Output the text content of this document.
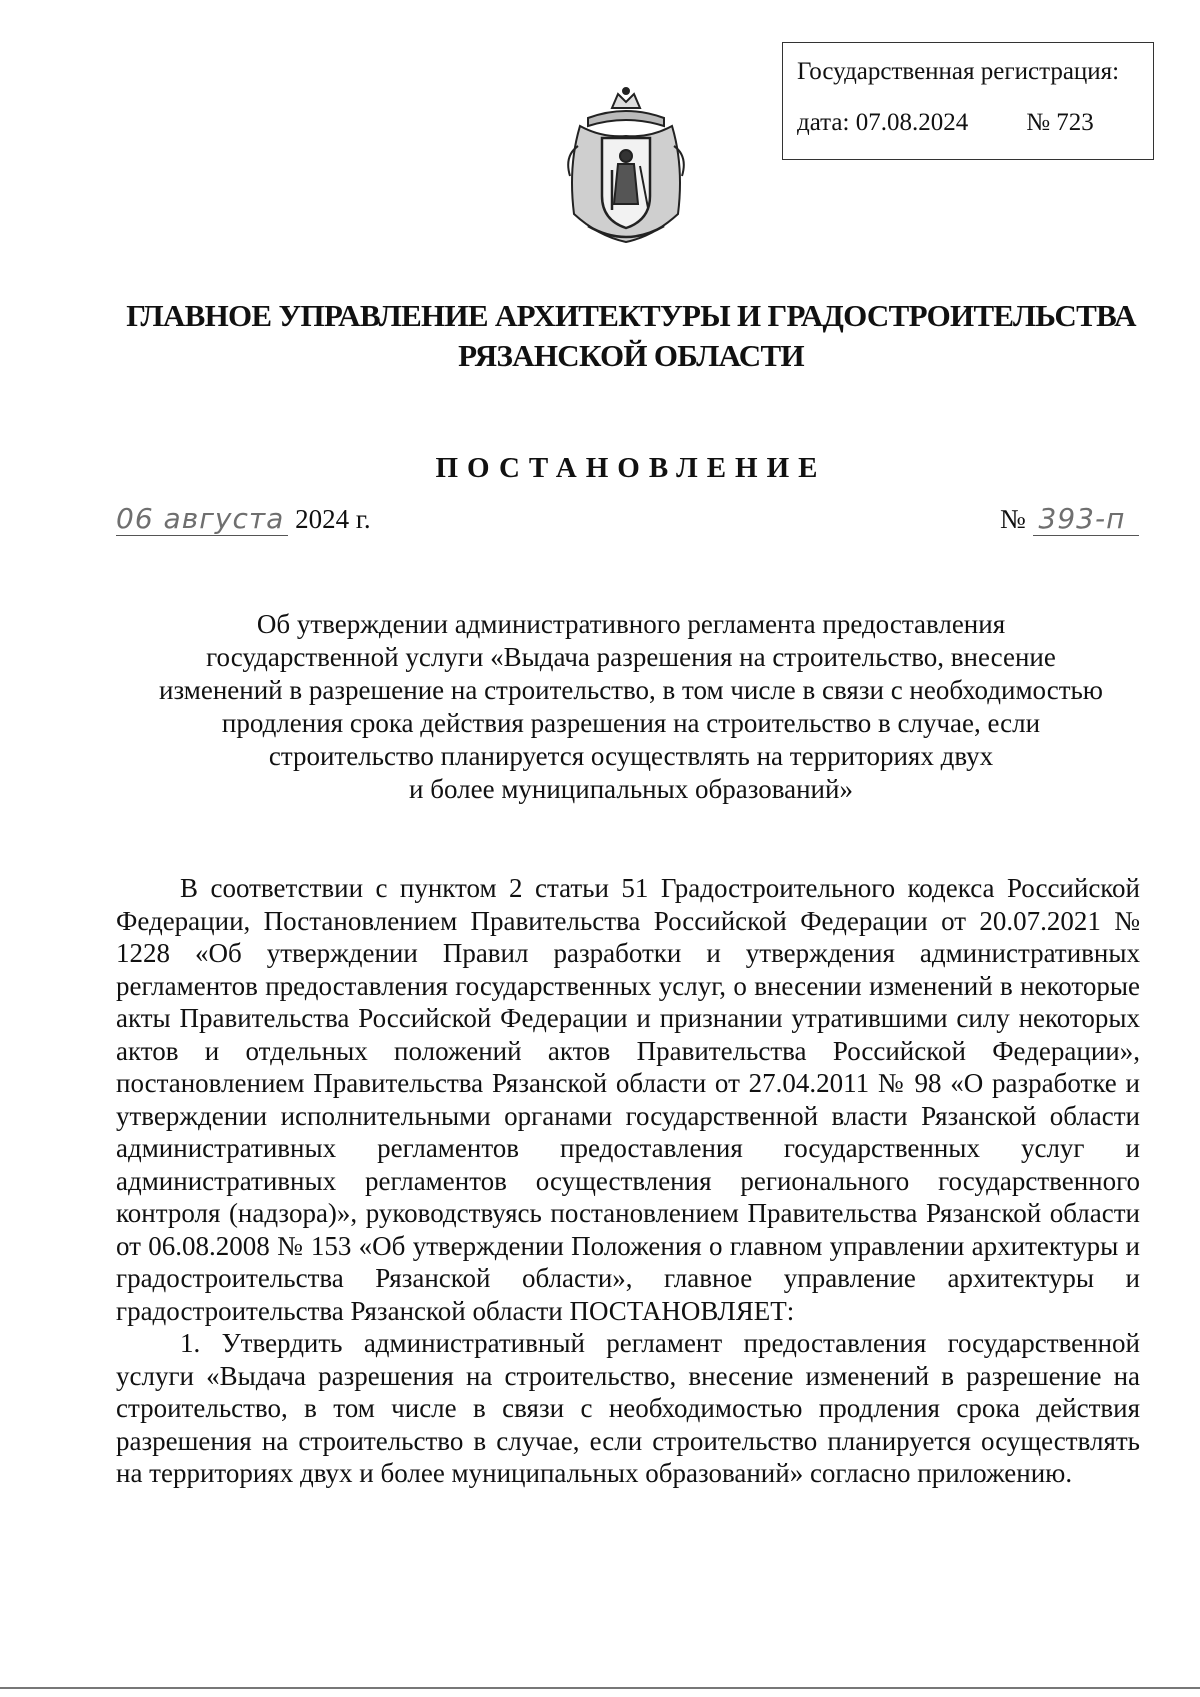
Государственная регистрация:
дата: 07.08.2024 № 723
ГЛАВНОЕ УПРАВЛЕНИЕ АРХИТЕКТУРЫ И ГРАДОСТРОИТЕЛЬСТВА
РЯЗАНСКОЙ ОБЛАСТИ
ПОСТАНОВЛЕНИЕ
06 августа 2024 г.	№ 393-п
Об утверждении административного регламента предоставления
государственной услуги «Выдача разрешения на строительство, внесение
изменений в разрешение на строительство, в том числе в связи с необходимостью
продления срока действия разрешения на строительство в случае, если
строительство планируется осуществлять на территориях двух
и более муниципальных образований»

В соответствии с пунктом 2 статьи 51 Градостроительного кодекса Российской Федерации, Постановлением Правительства Российской Федерации от 20.07.2021 № 1228 «Об утверждении Правил разработки и утверждения административных регламентов предоставления государственных услуг, о внесении изменений в некоторые акты Правительства Российской Федерации и признании утратившими силу некоторых актов и отдельных положений актов Правительства Российской Федерации», постановлением Правительства Рязанской области от 27.04.2011 № 98 «О разработке и утверждении исполнительными органами государственной власти Рязанской области административных регламентов предоставления государственных услуг и административных регламентов осуществления регионального государственного контроля (надзора)», руководствуясь постановлением Правительства Рязанской области от 06.08.2008 № 153 «Об утверждении Положения о главном управлении архитектуры и градостроительства Рязанской области», главное управление архитектуры и градостроительства Рязанской области ПОСТАНОВЛЯЕТ:

1. Утвердить административный регламент предоставления государственной услуги «Выдача разрешения на строительство, внесение изменений в разрешение на строительство, в том числе в связи с необходимостью продления срока действия разрешения на строительство в случае, если строительство планируется осуществлять на территориях двух и более муниципальных образований» согласно приложению.
